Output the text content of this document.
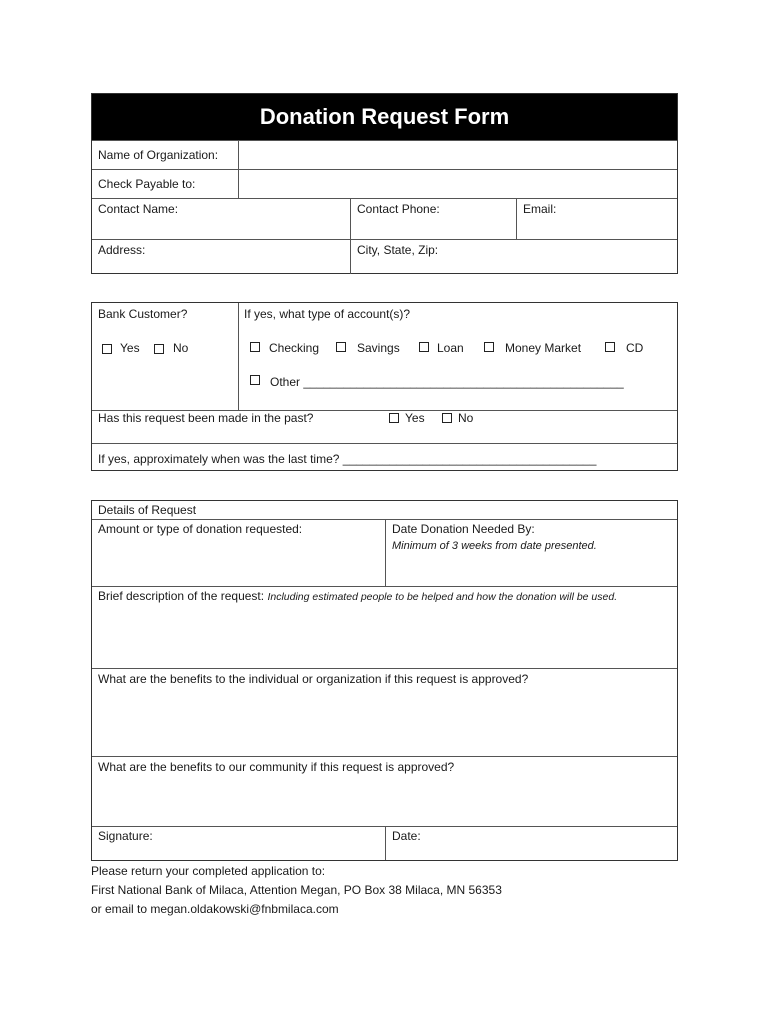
Donation Request Form
Name of Organization:
Check Payable to:
Contact Name:	Contact Phone:	Email:
Address:	City, State, Zip:
Bank Customer?
Yes	No
If yes, what type of account(s)?
Checking	Savings	Loan	Money Market	CD
Other ________________________________________________
Has this request been made in the past?	Yes	No
If yes, approximately when was the last time? ______________________________________
Details of Request
Amount or type of donation requested:	Date Donation Needed By:
Minimum of 3 weeks from date presented.
Brief description of the request: Including estimated people to be helped and how the donation will be used.
What are the benefits to the individual or organization if this request is approved?
What are the benefits to our community if this request is approved?
Signature:	Date:
Please return your completed application to:
First National Bank of Milaca, Attention Megan, PO Box 38 Milaca, MN 56353
or email to megan.oldakowski@fnbmilaca.com
